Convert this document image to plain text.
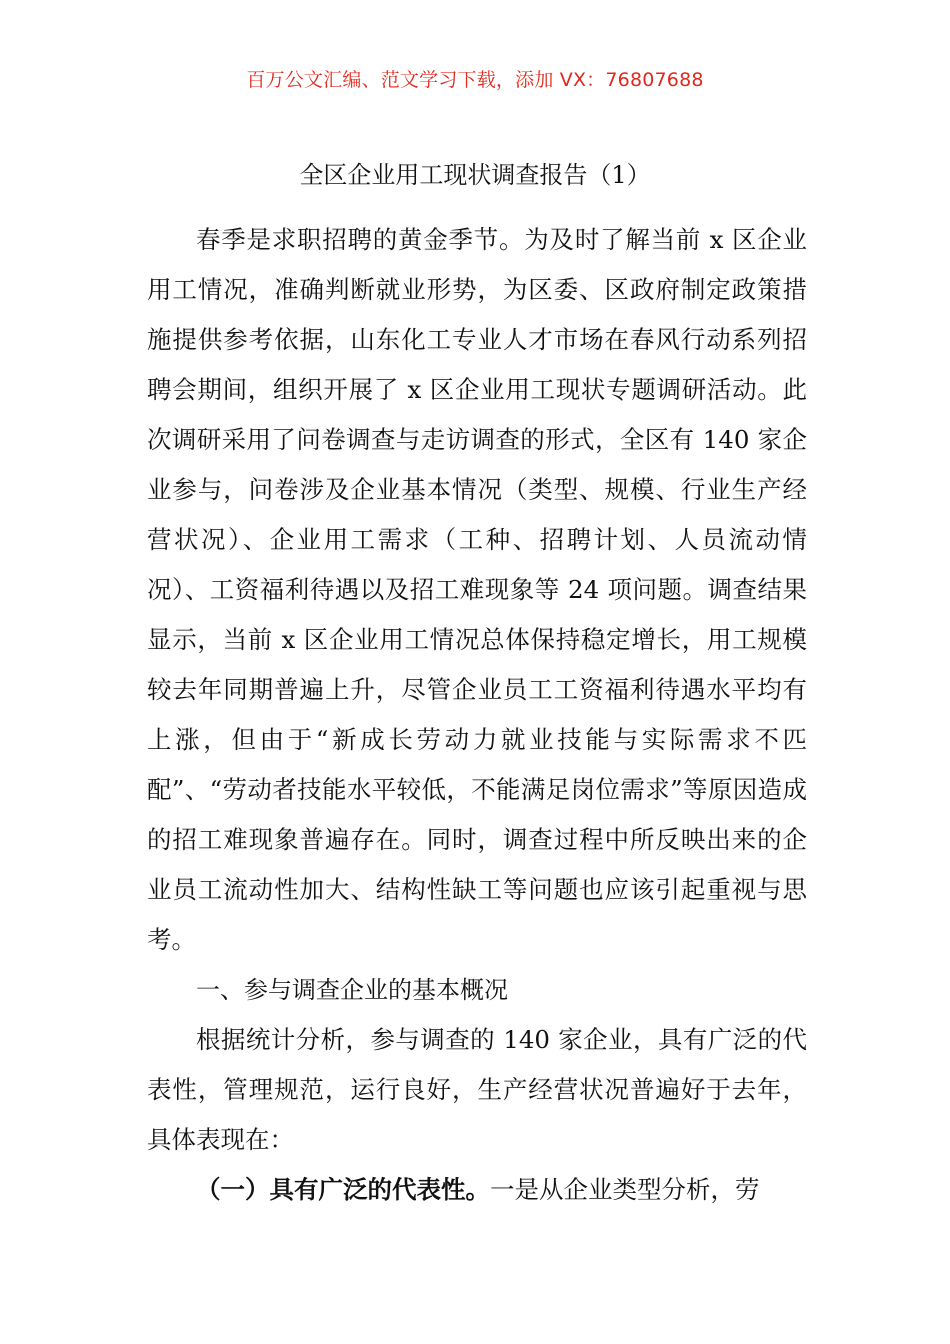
百万公文汇编、范文学习下载，添加 VX：76807688
全区企业用工现状调查报告（1）

春季是求职招聘的黄金季节。为及时了解当前 x 区企业用工情况，准确判断就业形势，为区委、区政府制定政策措施提供参考依据，山东化工专业人才市场在春风行动系列招聘会期间，组织开展了 x 区企业用工现状专题调研活动。此次调研采用了问卷调查与走访调查的形式，全区有 140 家企业参与，问卷涉及企业基本情况（类型、规模、行业生产经营状况）、企业用工需求（工种、招聘计划、人员流动情况）、工资福利待遇以及招工难现象等 24 项问题。调查结果显示，当前 x 区企业用工情况总体保持稳定增长，用工规模较去年同期普遍上升，尽管企业员工工资福利待遇水平均有上涨，但由于“新成长劳动力就业技能与实际需求不匹配”、“劳动者技能水平较低，不能满足岗位需求”等原因造成的招工难现象普遍存在。同时，调查过程中所反映出来的企业员工流动性加大、结构性缺工等问题也应该引起重视与思考。

一、参与调查企业的基本概况

根据统计分析，参与调查的 140 家企业，具有广泛的代表性，管理规范，运行良好，生产经营状况普遍好于去年，具体表现在：

（一）具有广泛的代表性。一是从企业类型分析，劳
